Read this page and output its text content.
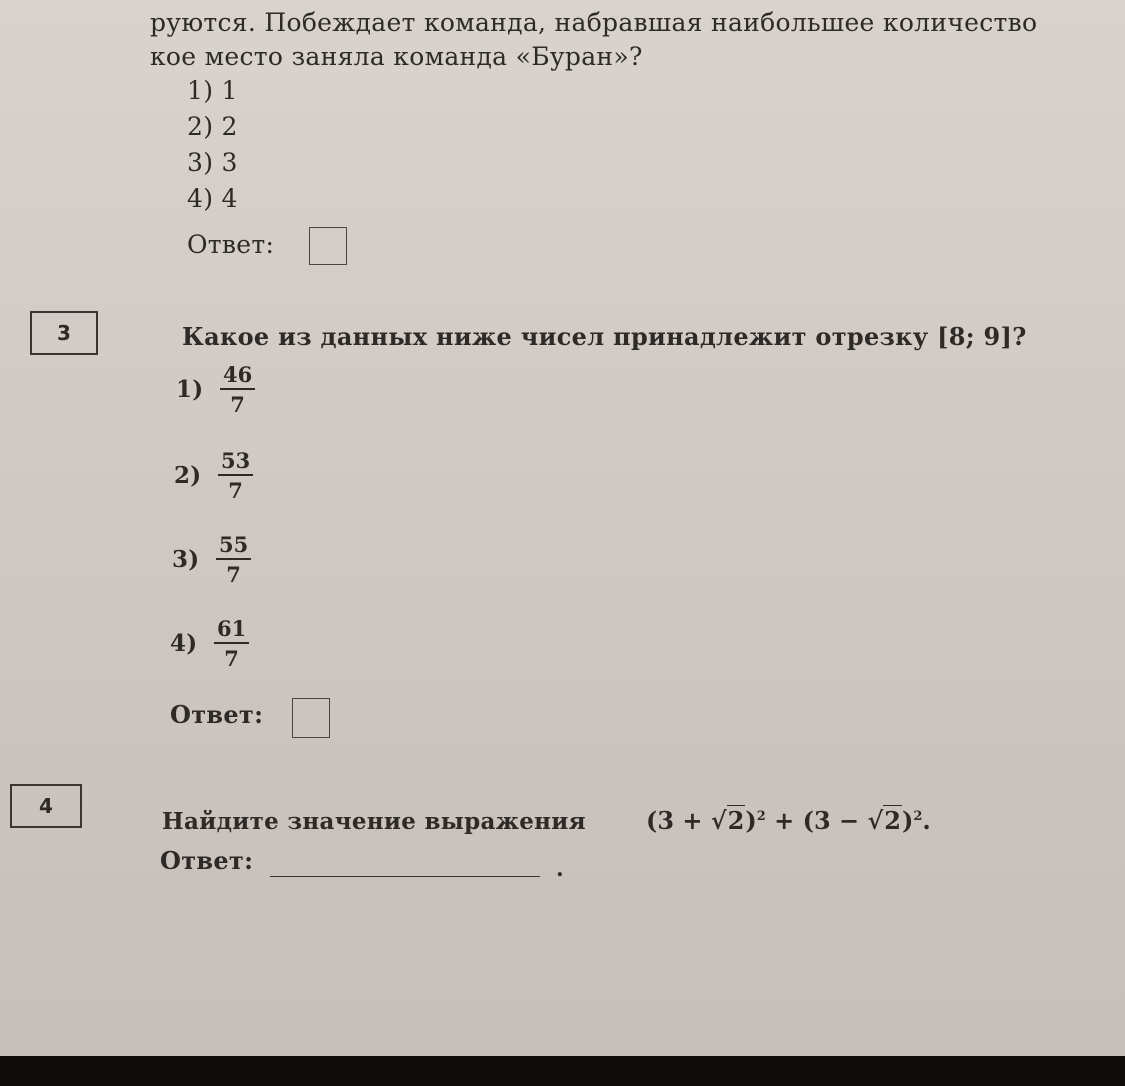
руются. Побеждает команда, набравшая наибольшее количество
кое место заняла команда «Буран»?
1) 1
2) 2
3) 3
4) 4
Ответ:
3	Какое из данных ниже чисел принадлежит отрезку [8; 9]?
$1) \frac{46}{7}$
$2) \frac{53}{7}$
$3) \frac{55}{7}$
$4) \frac{61}{7}$
Ответ:
4
Найдите значение выражения	$(3 + √2)^2 + (3 - √2)^2$.
Ответ:	.
